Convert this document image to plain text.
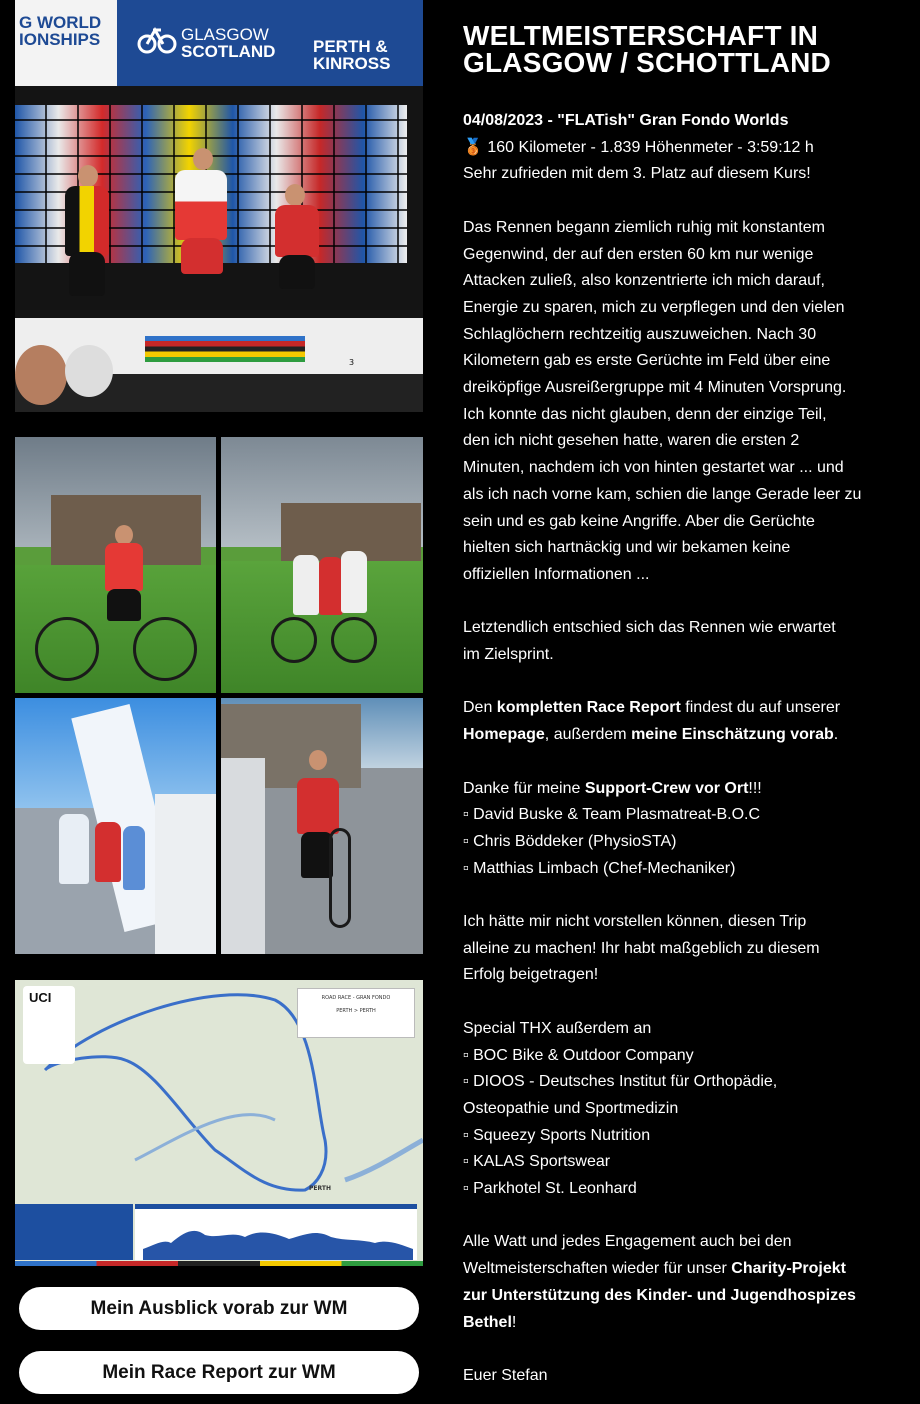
G WORLD
IONSHIPS	GLASGOW
SCOTLAND PERTH &
KINROSS
3
UCI	ROAD RACE - GRAN FONDO
PERTH > PERTH
PERTH
Mein Ausblick vorab zur WM
Mein Race Report zur WM
WELTMEISTERSCHAFT IN
GLASGOW / SCHOTTLAND
04/08/2023 - "FLATish" Gran Fondo Worlds
🥉 160 Kilometer - 1.839 Höhenmeter - 3:59:12 h
Sehr zufrieden mit dem 3. Platz auf diesem Kurs!
Das Rennen begann ziemlich ruhig mit konstantem
Gegenwind, der auf den ersten 60 km nur wenige
Attacken zuließ, also konzentrierte ich mich darauf,
Energie zu sparen, mich zu verpflegen und den vielen
Schlaglöchern rechtzeitig auszuweichen. Nach 30
Kilometern gab es erste Gerüchte im Feld über eine
dreiköpfige Ausreißergruppe mit 4 Minuten Vorsprung.
Ich konnte das nicht glauben, denn der einzige Teil,
den ich nicht gesehen hatte, waren die ersten 2
Minuten, nachdem ich von hinten gestartet war ... und
als ich nach vorne kam, schien die lange Gerade leer zu
sein und es gab keine Angriffe. Aber die Gerüchte
hielten sich hartnäckig und wir bekamen keine
offiziellen Informationen ...
Letztendlich entschied sich das Rennen wie erwartet
im Zielsprint.
Den kompletten Race Report findest du auf unserer
Homepage, außerdem meine Einschätzung vorab.
Danke für meine Support-Crew vor Ort!!!
▫ David Buske & Team Plasmatreat-B.O.C
▫ Chris Böddeker (PhysioSTA)
▫ Matthias Limbach (Chef-Mechaniker)
Ich hätte mir nicht vorstellen können, diesen Trip
alleine zu machen! Ihr habt maßgeblich zu diesem
Erfolg beigetragen!
Special THX außerdem an
▫ BOC Bike & Outdoor Company
▫ DIOOS - Deutsches Institut für Orthopädie,
Osteopathie und Sportmedizin
▫ Squeezy Sports Nutrition
▫ KALAS Sportswear
▫ Parkhotel St. Leonhard
Alle Watt und jedes Engagement auch bei den
Weltmeisterschaften wieder für unser Charity-Projekt
zur Unterstützung des Kinder- und Jugendhospizes
Bethel!
Euer Stefan
